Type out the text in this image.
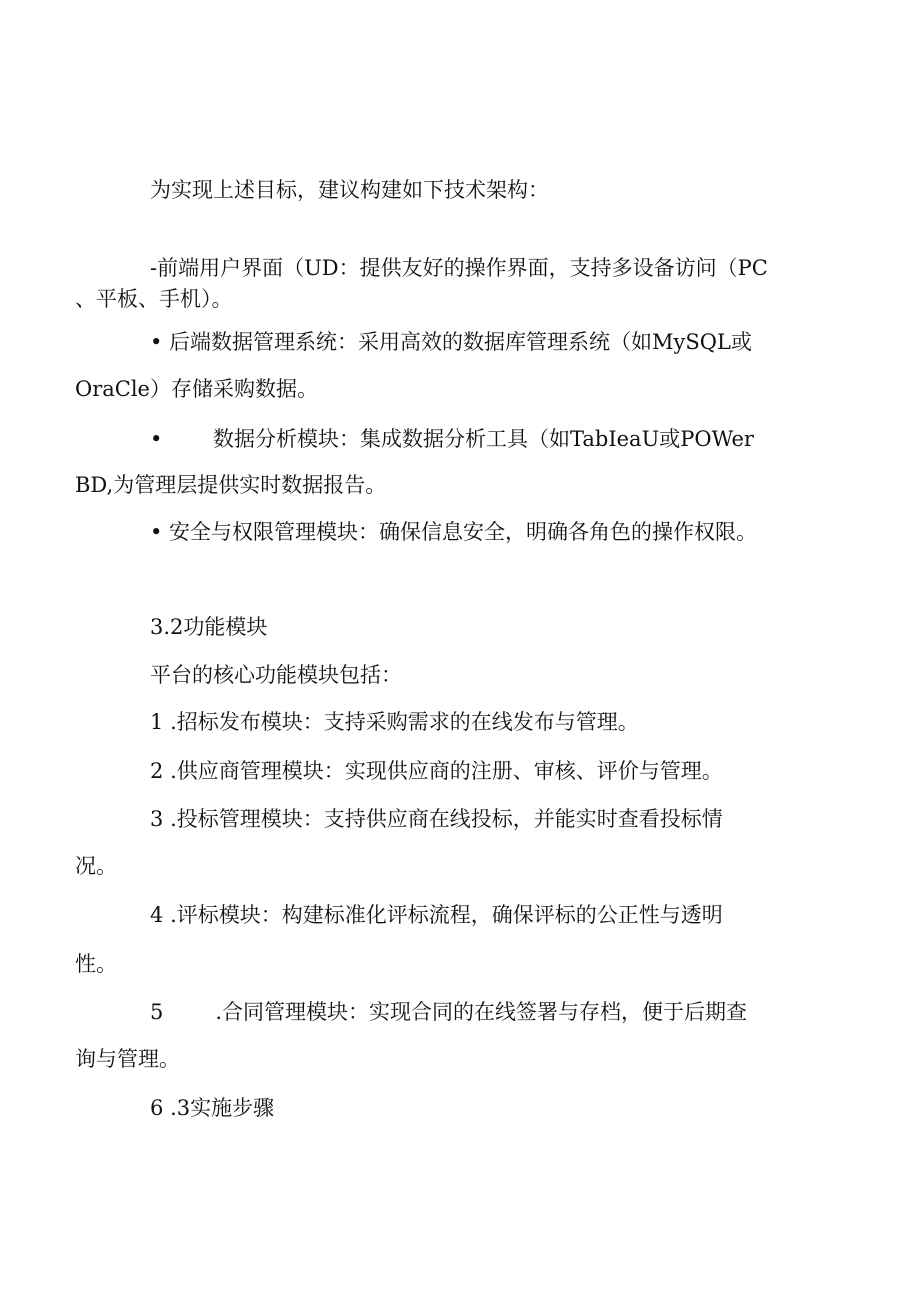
为实现上述目标，建议构建如下技术架构：

-前端用户界面（UD：提供友好的操作界面，支持多设备访问（PC

、平板、手机）。

• 后端数据管理系统：采用高效的数据库管理系统（如MySQL或

OraCle）存储采购数据。

• 数据分析模块：集成数据分析工具（如TabIeaU或POWer

BD,为管理层提供实时数据报告。

• 安全与权限管理模块：确保信息安全，明确各角色的操作权限。

3.2功能模块

平台的核心功能模块包括：

1 .招标发布模块：支持采购需求的在线发布与管理。

2 .供应商管理模块：实现供应商的注册、审核、评价与管理。

3 .投标管理模块：支持供应商在线投标，并能实时查看投标情

况。

4 .评标模块：构建标准化评标流程，确保评标的公正性与透明

性。

5 .合同管理模块：实现合同的在线签署与存档，便于后期查

询与管理。

6 .3实施步骤
